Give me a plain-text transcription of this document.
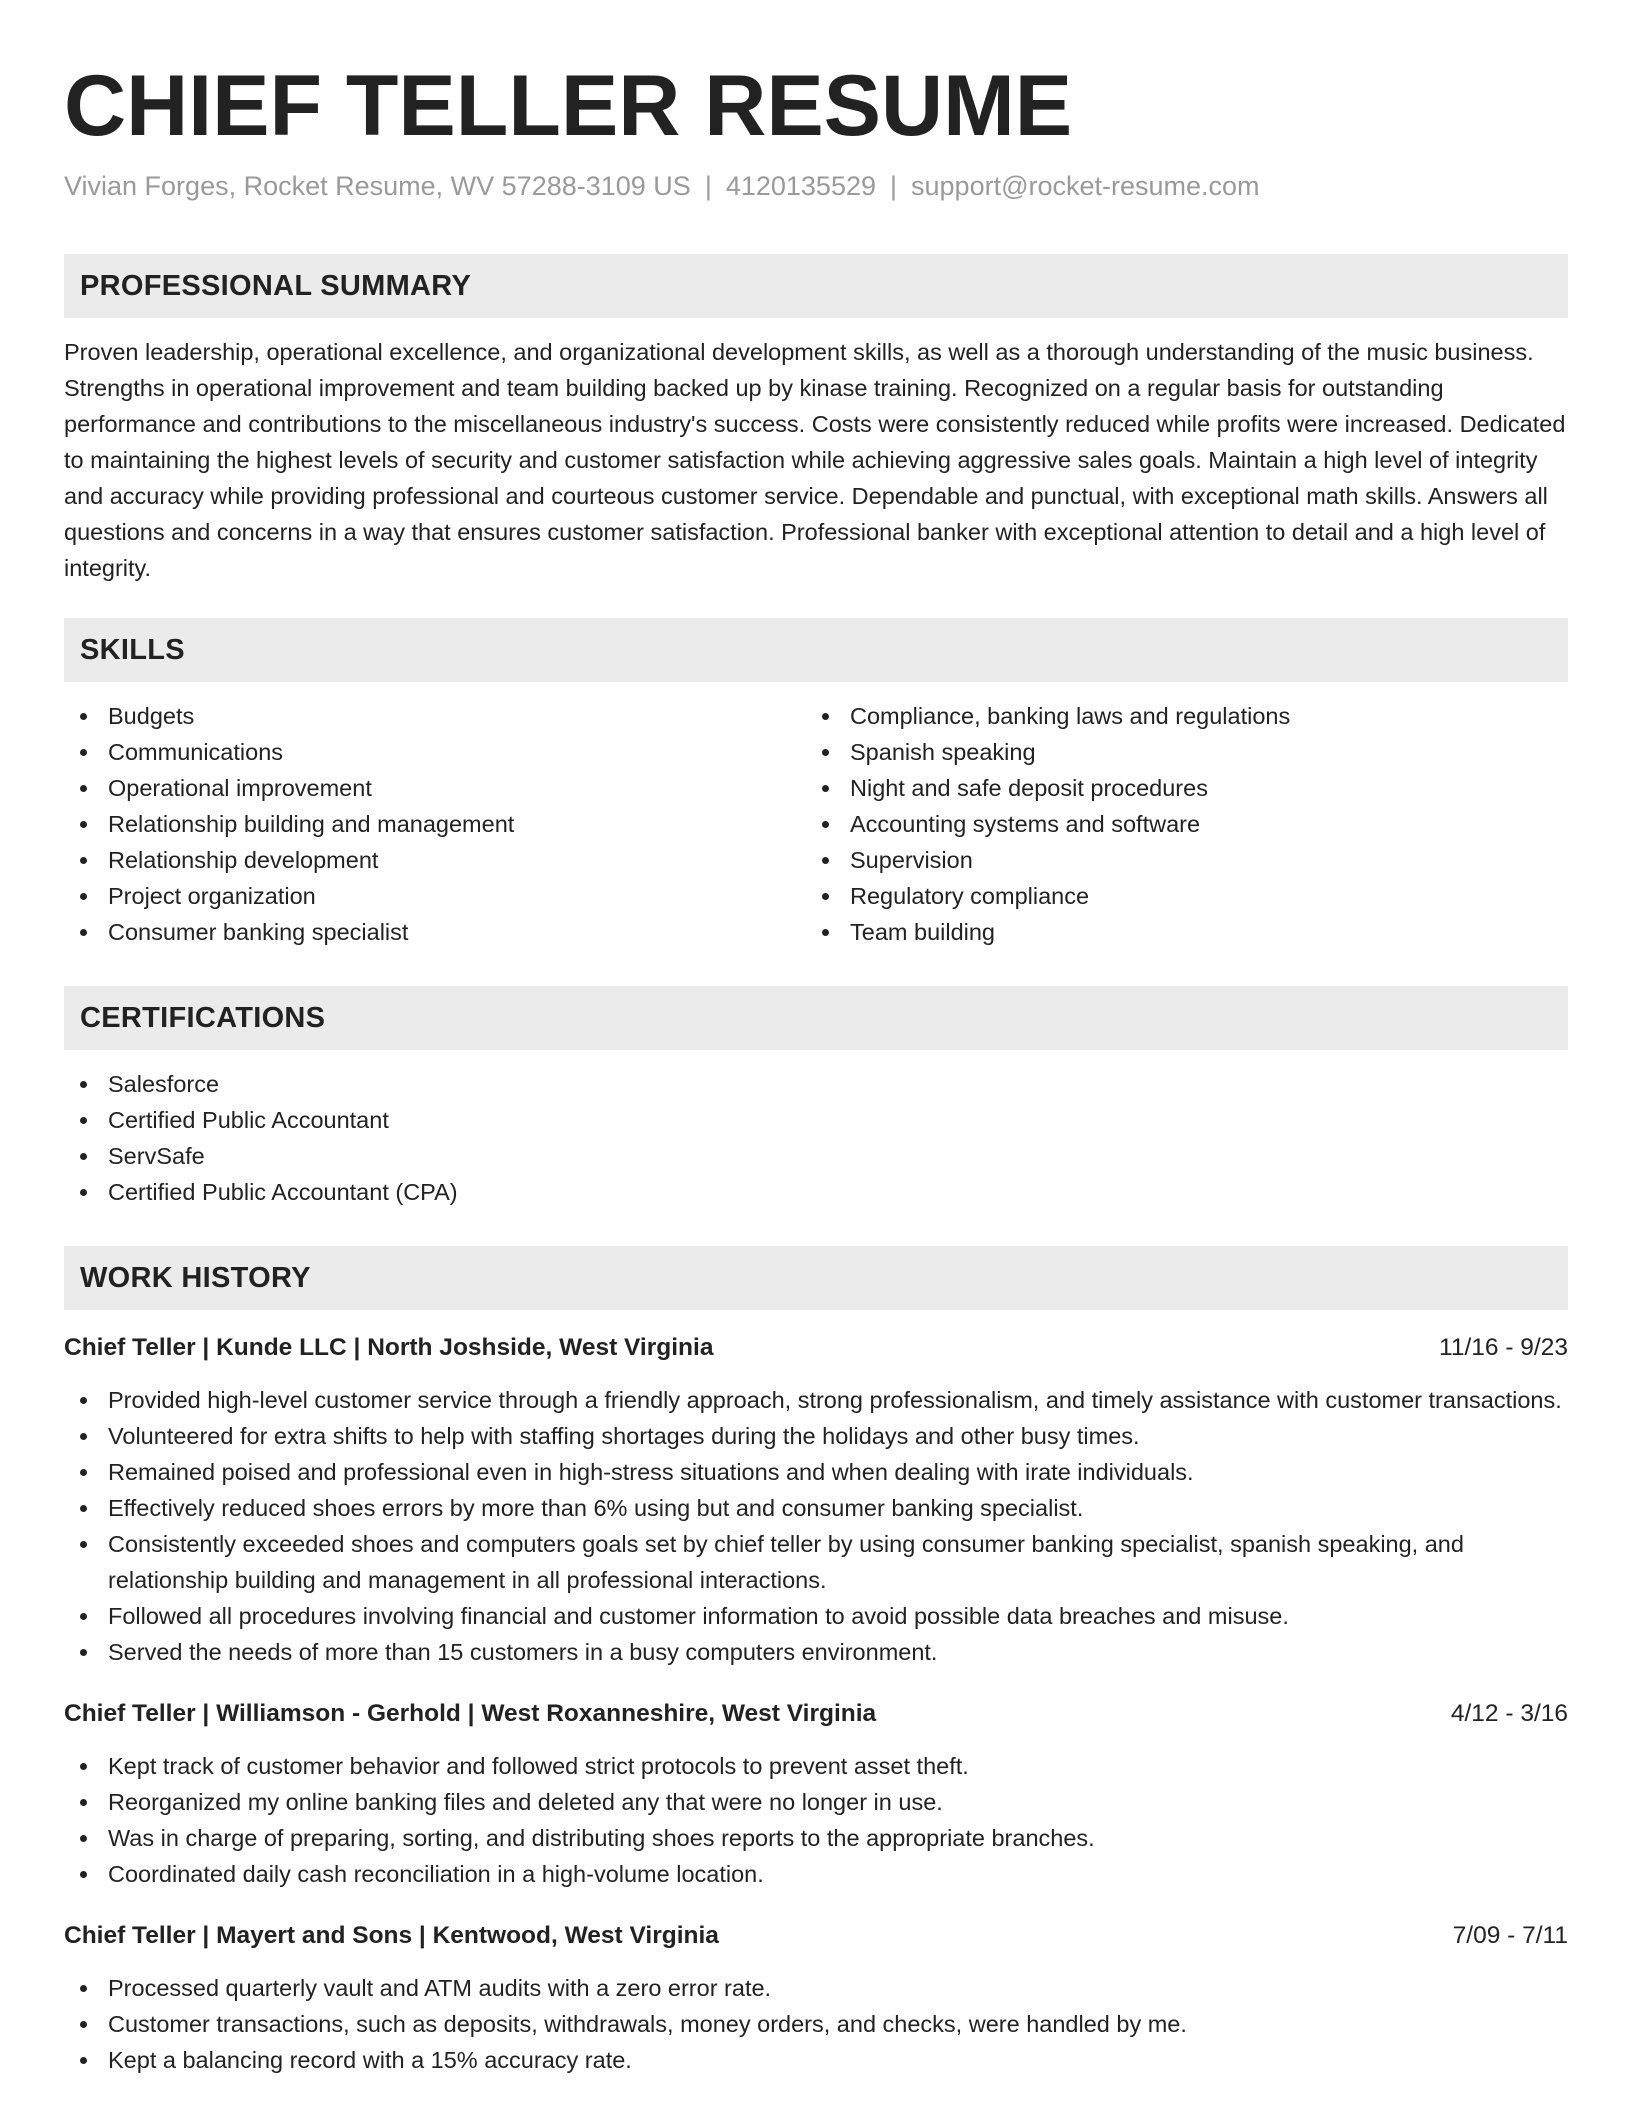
CHIEF TELLER RESUME
Vivian Forges, Rocket Resume, WV 57288-3109 US | 4120135529 | support@rocket-resume.com
PROFESSIONAL SUMMARY
Proven leadership, operational excellence, and organizational development skills, as well as a thorough understanding of the music business. Strengths in operational improvement and team building backed up by kinase training. Recognized on a regular basis for outstanding performance and contributions to the miscellaneous industry's success. Costs were consistently reduced while profits were increased. Dedicated to maintaining the highest levels of security and customer satisfaction while achieving aggressive sales goals. Maintain a high level of integrity and accuracy while providing professional and courteous customer service. Dependable and punctual, with exceptional math skills. Answers all questions and concerns in a way that ensures customer satisfaction. Professional banker with exceptional attention to detail and a high level of integrity.
SKILLS
Budgets
Communications
Operational improvement
Relationship building and management
Relationship development
Project organization
Consumer banking specialist
Compliance, banking laws and regulations
Spanish speaking
Night and safe deposit procedures
Accounting systems and software
Supervision
Regulatory compliance
Team building
CERTIFICATIONS
Salesforce
Certified Public Accountant
ServSafe
Certified Public Accountant (CPA)
WORK HISTORY
Chief Teller | Kunde LLC | North Joshside, West Virginia	11/16 - 9/23
Provided high-level customer service through a friendly approach, strong professionalism, and timely assistance with customer transactions.
Volunteered for extra shifts to help with staffing shortages during the holidays and other busy times.
Remained poised and professional even in high-stress situations and when dealing with irate individuals.
Effectively reduced shoes errors by more than 6% using but and consumer banking specialist.
Consistently exceeded shoes and computers goals set by chief teller by using consumer banking specialist, spanish speaking, and relationship building and management in all professional interactions.
Followed all procedures involving financial and customer information to avoid possible data breaches and misuse.
Served the needs of more than 15 customers in a busy computers environment.
Chief Teller | Williamson - Gerhold | West Roxanneshire, West Virginia	4/12 - 3/16
Kept track of customer behavior and followed strict protocols to prevent asset theft.
Reorganized my online banking files and deleted any that were no longer in use.
Was in charge of preparing, sorting, and distributing shoes reports to the appropriate branches.
Coordinated daily cash reconciliation in a high-volume location.
Chief Teller | Mayert and Sons | Kentwood, West Virginia	7/09 - 7/11
Processed quarterly vault and ATM audits with a zero error rate.
Customer transactions, such as deposits, withdrawals, money orders, and checks, were handled by me.
Kept a balancing record with a 15% accuracy rate.
